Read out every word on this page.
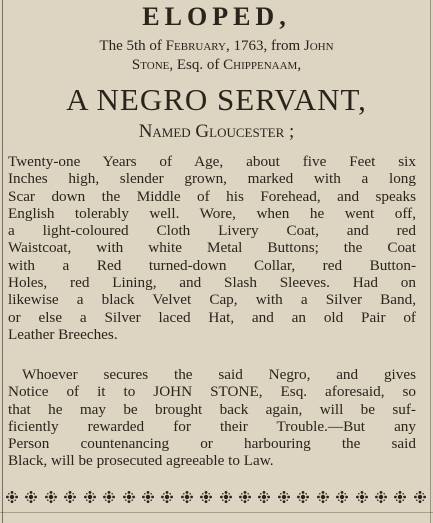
ELOPED,
The 5th of February, 1763, from John
Stone, Esq. of Chippenaam,
A NEGRO SERVANT,
Named Gloucester ;
Twenty-one Years of Age, about five Feet six
Inches high, slender grown, marked with a long
Scar down the Middle of his Forehead, and speaks
English tolerably well. Wore, when he went off,
a light-coloured Cloth Livery Coat, and red
Waistcoat, with white Metal Buttons; the Coat
with a Red turned-down Collar, red Button-
Holes, red Lining, and Slash Sleeves. Had on
likewise a black Velvet Cap, with a Silver Band,
or else a Silver laced Hat, and an old Pair of
Leather Breeches.
Whoever secures the said Negro, and gives
Notice of it to JOHN STONE, Esq. aforesaid, so
that he may be brought back again, will be suf-
ficiently rewarded for their Trouble.—But any
Person countenancing or harbouring the said
Black, will be prosecuted agreeable to Law.
